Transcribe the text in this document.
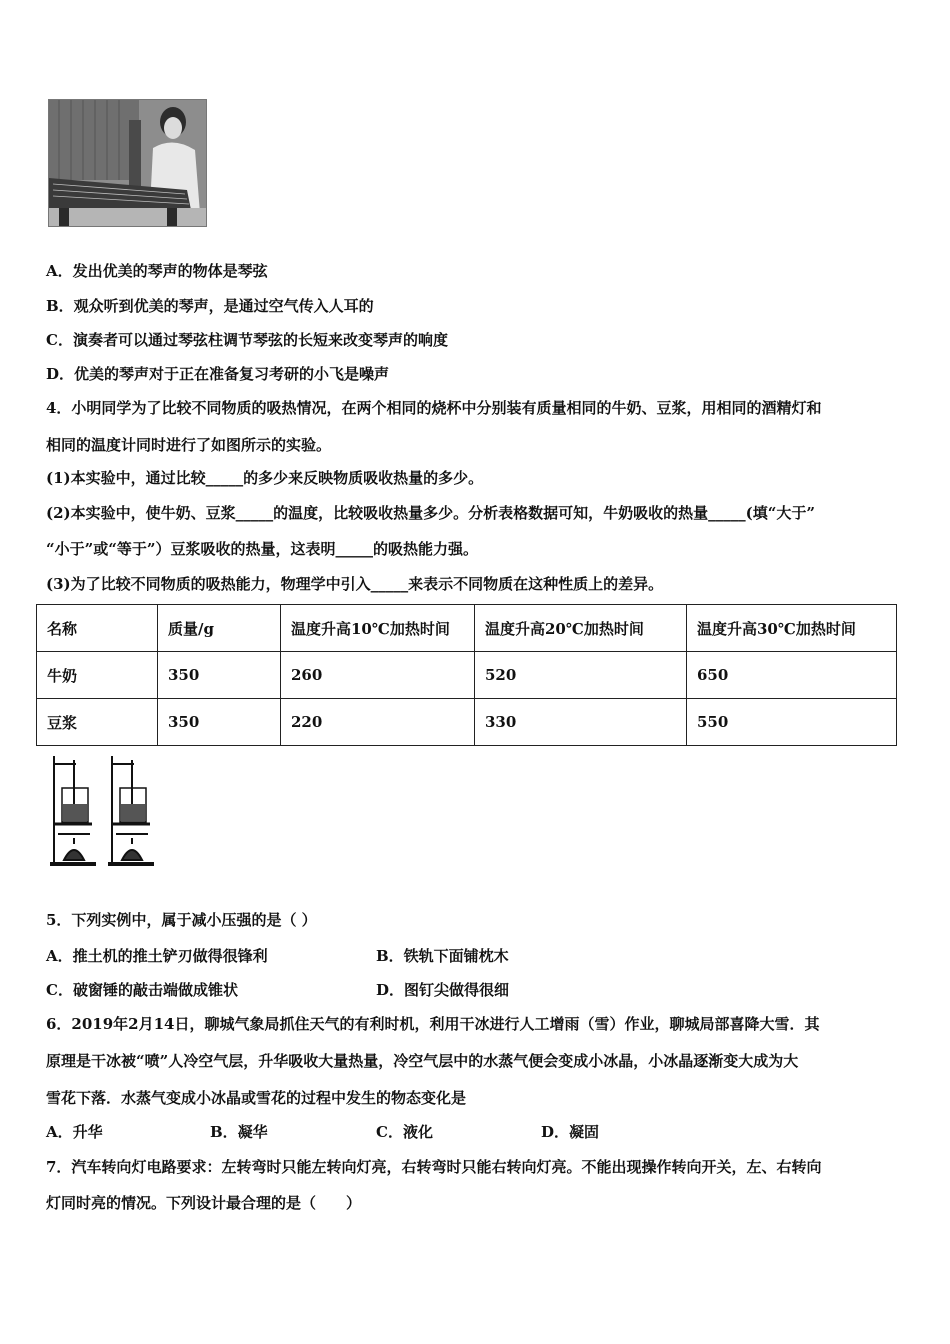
A．发出优美的琴声的物体是琴弦
B．观众听到优美的琴声，是通过空气传入人耳的
C．演奏者可以通过琴弦柱调节琴弦的长短来改变琴声的响度
D．优美的琴声对于正在准备复习考研的小飞是噪声
4．小明同学为了比较不同物质的吸热情况，在两个相同的烧杯中分别装有质量相同的牛奶、豆浆，用相同的酒精灯和
相同的温度计同时进行了如图所示的实验。
(1)本实验中，通过比较_____的多少来反映物质吸收热量的多少。
(2)本实验中，使牛奶、豆浆_____的温度，比较吸收热量多少。分析表格数据可知，牛奶吸收的热量_____(填“大于”
“小于”或“等于”）豆浆吸收的热量，这表明_____的吸热能力强。
(3)为了比较不同物质的吸热能力，物理学中引入_____来表示不同物质在这种性质上的差异。
名称	质量/g	温度升高10℃加热时间	温度升高20℃加热时间	温度升高30℃加热时间
牛奶	350	260	520	650
豆浆	350	220	330	550
5．下列实例中，属于减小压强的是（ ）
A．推土机的推土铲刃做得很锋利	B．铁轨下面铺枕木
C．破窗锤的敲击端做成锥状	D．图钉尖做得很细
6．2019年2月14日，聊城气象局抓住天气的有利时机，利用干冰进行人工增雨（雪）作业，聊城局部喜降大雪．其
原理是干冰被“喷”人冷空气层，升华吸收大量热量，冷空气层中的水蒸气便会变成小冰晶，小冰晶逐渐变大成为大
雪花下落．水蒸气变成小冰晶或雪花的过程中发生的物态变化是
A．升华	B．凝华	C．液化	D．凝固
7．汽车转向灯电路要求：左转弯时只能左转向灯亮，右转弯时只能右转向灯亮。不能出现操作转向开关，左、右转向
灯同时亮的情况。下列设计最合理的是（　　）
